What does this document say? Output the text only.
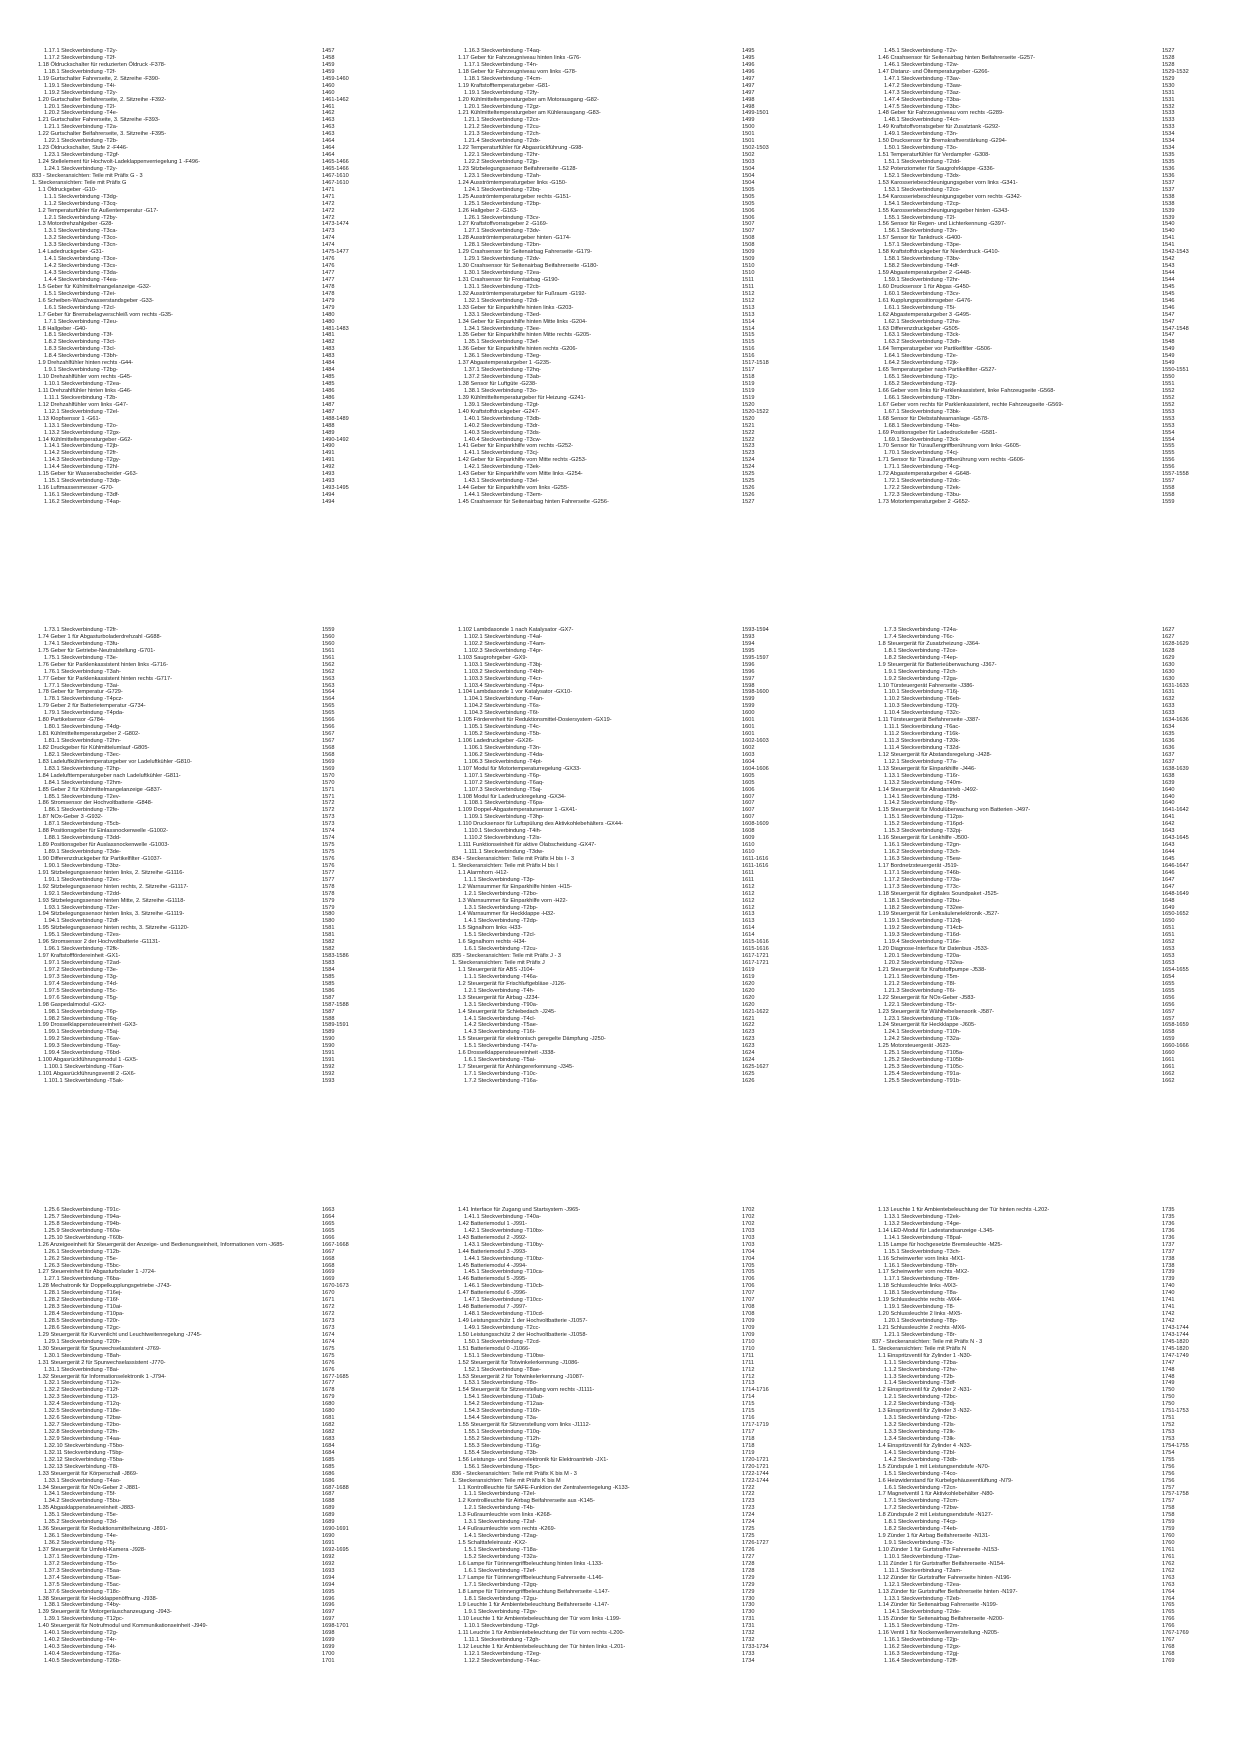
1.17.1 Steckverbindung -T2y-	1457
1.17.2 Steckverbindung -T2f-	1458
1.18 Öldruckschalter für reduzierten Öldruck -F378-	1459
1.18.1 Steckverbindung -T2f-	1459
1.19 Gurtschalter Fahrerseite, 2. Sitzreihe -F390-	1459-1460
1.19.1 Steckverbindung -T4i-	1460
1.19.2 Steckverbindung -T2y-	1460
1.20 Gurtschalter Beifahrerseite, 2. Sitzreihe -F392-	1461-1462
1.20.1 Steckverbindung -T2l-	1461
1.20.2 Steckverbindung -T4e-	1462
1.21 Gurtschalter Fahrerseite, 3. Sitzreihe -F393-	1463
1.21.1 Steckverbindung -T2a-	1463
1.22 Gurtschalter Beifahrerseite, 3. Sitzreihe -F395-	1463
1.22.1 Steckverbindung -T2b-	1464
1.23 Öldruckschalter, Stufe 2 -F446-	1464
1.23.1 Steckverbindung -T2gf-	1464
1.24 Stellelement für Hochvolt-Ladeklappenverriegelung 1 -F496-	1465-1466
1.24.1 Steckverbindung -T2y-	1465-1466
833 - Steckeransichten: Teile mit Präfix G - 3	1467-1610
1. Steckeransichten: Teile mit Präfix G	1467-1610
1.1 Öldruckgeber -G10-	1471
1.1.1 Steckverbindung -T3dg-	1471
1.1.2 Steckverbindung -T3cq-	1472
1.2 Temperaturfühler für Außentemperatur -G17-	1472
1.2.1 Steckverbindung -T2by-	1472
1.3 Motordrehzahlgeber -G28-	1473-1474
1.3.1 Steckverbindung -T3ca-	1473
1.3.2 Steckverbindung -T3co-	1474
1.3.3 Steckverbindung -T3cn-	1474
1.4 Ladedruckgeber -G31-	1475-1477
1.4.1 Steckverbindung -T3ce-	1476
1.4.2 Steckverbindung -T3cs-	1476
1.4.3 Steckverbindung -T3da-	1477
1.4.4 Steckverbindung -T4ea-	1477
1.5 Geber für Kühlmittelmangelanzeige -G32-	1478
1.5.1 Steckverbindung -T2ei-	1478
1.6 Scheiben-Waschwasserstandsgeber -G33-	1479
1.6.1 Steckverbindung -T2cl-	1479
1.7 Geber für Bremsbelagverschleiß vorn rechts -G35-	1480
1.7.1 Steckverbindung -T2eu-	1480
1.8 Hallgeber -G40-	1481-1483
1.8.1 Steckverbindung -T3f-	1481
1.8.2 Steckverbindung -T3ct-	1482
1.8.3 Steckverbindung -T3cl-	1483
1.8.4 Steckverbindung -T3bh-	1483
1.9 Drehzahlfühler hinten rechts -G44-	1484
1.9.1 Steckverbindung -T2bg-	1484
1.10 Drehzahlfühler vorn rechts -G45-	1485
1.10.1 Steckverbindung -T2ea-	1485
1.11 Drehzahlfühler hinten links -G46-	1486
1.11.1 Steckverbindung -T2b-	1486
1.12 Drehzahlfühler vorn links -G47-	1487
1.12.1 Steckverbindung -T2el-	1487
1.13 Klopfsensor 1 -G61-	1488-1489
1.13.1 Steckverbindung -T2o-	1488
1.13.2 Steckverbindung -T2gx-	1489
1.14 Kühlmitteltemperaturgeber -G62-	1490-1492
1.14.1 Steckverbindung -T2jb-	1490
1.14.2 Steckverbindung -T2fr-	1491
1.14.3 Steckverbindung -T2gy-	1491
1.14.4 Steckverbindung -T2hl-	1492
1.15 Geber für Wasserabscheider -G63-	1493
1.15.1 Steckverbindung -T3dp-	1493
1.16 Luftmassenmesser -G70-	1493-1495
1.16.1 Steckverbindung -T3df-	1494
1.16.2 Steckverbindung -T4ap-	1494
1.16.3 Steckverbindung -T4aq-	1495
1.17 Geber für Fahrzeugniveau hinten links -G76-	1495
1.17.1 Steckverbindung -T4n-	1496
1.18 Geber für Fahrzeugniveau vorn links -G78-	1496
1.18.1 Steckverbindung -T4cm-	1497
1.19 Kraftstofftemperaturgeber -G81-	1497
1.19.1 Steckverbindung -T2fy-	1497
1.20 Kühlmitteltemperaturgeber am Motorausgang -G82-	1498
1.20.1 Steckverbindung -T2gz-	1498
1.21 Kühlmitteltemperaturgeber am Kühlerausgang -G83-	1499-1501
1.21.1 Steckverbindung -T2cx-	1499
1.21.2 Steckverbindung -T2cu-	1500
1.21.3 Steckverbindung -T2ch-	1501
1.21.4 Steckverbindung -T2dx-	1501
1.22 Temperaturfühler für Abgasrückführung -G98-	1502-1503
1.22.1 Steckverbindung -T2hr-	1502
1.22.2 Steckverbindung -T2jp-	1503
1.23 Sitzbelegungssensor Beifahrerseite -G128-	1504
1.23.1 Steckverbindung -T2ah-	1504
1.24 Ausströmtemperaturgeber links -G150-	1504
1.24.1 Steckverbindung -T2bq-	1505
1.25 Ausströmtemperaturgeber rechts -G151-	1505
1.25.1 Steckverbindung -T2bp-	1505
1.26 Hallgeber 2 -G163-	1506
1.26.1 Steckverbindung -T3cv-	1506
1.27 Kraftstoffvorratsgeber 2 -G169-	1507
1.27.1 Steckverbindung -T3dv-	1507
1.28 Ausströmtemperaturgeber hinten -G174-	1508
1.28.1 Steckverbindung -T2bn-	1508
1.29 Crashsensor für Seitenairbag Fahrerseite -G179-	1509
1.29.1 Steckverbindung -T2dv-	1509
1.30 Crashsensor für Seitenairbag Beifahrerseite -G180-	1510
1.30.1 Steckverbindung -T2ea-	1510
1.31 Crashsensor für Frontairbag -G190-	1511
1.31.1 Steckverbindung -T2cb-	1511
1.32 Ausströmtemperaturgeber für Fußraum -G192-	1512
1.32.1 Steckverbindung -T2di-	1512
1.33 Geber für Einparkhilfe hinten links -G203-	1513
1.33.1 Steckverbindung -T3ed-	1513
1.34 Geber für Einparkhilfe hinten Mitte links -G204-	1514
1.34.1 Steckverbindung -T3ee-	1514
1.35 Geber für Einparkhilfe hinten Mitte rechts -G205-	1515
1.35.1 Steckverbindung -T3ef-	1515
1.36 Geber für Einparkhilfe hinten rechts -G206-	1516
1.36.1 Steckverbindung -T3eg-	1516
1.37 Abgastemperaturgeber 1 -G235-	1517-1518
1.37.1 Steckverbindung -T2hq-	1517
1.37.2 Steckverbindung -T3ab-	1518
1.38 Sensor für Luftgüte -G238-	1519
1.38.1 Steckverbindung -T3o-	1519
1.39 Kühlmitteltemperaturgeber für Heizung -G241-	1519
1.39.1 Steckverbindung -T2gt-	1520
1.40 Kraftstoffdruckgeber -G247-	1520-1522
1.40.1 Steckverbindung -T3db-	1520
1.40.2 Steckverbindung -T3dr-	1521
1.40.3 Steckverbindung -T3ds-	1522
1.40.4 Steckverbindung -T3cw-	1522
1.41 Geber für Einparkhilfe vorn rechts -G252-	1523
1.41.1 Steckverbindung -T3cj-	1523
1.42 Geber für Einparkhilfe vorn Mitte rechts -G253-	1524
1.42.1 Steckverbindung -T3ek-	1524
1.43 Geber für Einparkhilfe vorn Mitte links -G254-	1525
1.43.1 Steckverbindung -T3el-	1525
1.44 Geber für Einparkhilfe vorn links -G255-	1526
1.44.1 Steckverbindung -T3em-	1526
1.45 Crashsensor für Seitenairbag hinten Fahrerseite -G256-	1527
1.45.1 Steckverbindung -T2v-	1527
1.46 Crashsensor für Seitenairbag hinten Beifahrerseite -G257-	1528
1.46.1 Steckverbindung -T2w-	1528
1.47 Distanz- und Öltemperaturgeber -G266-	1529-1532
1.47.1 Steckverbindung -T3av-	1529
1.47.2 Steckverbindung -T3aw-	1530
1.47.3 Steckverbindung -T3az-	1531
1.47.4 Steckverbindung -T3ba-	1531
1.47.5 Steckverbindung -T3bc-	1532
1.48 Geber für Fahrzeugniveau vorn rechts -G289-	1533
1.48.1 Steckverbindung -T4cn-	1533
1.49 Kraftstoffvorratsgeber für Zusatztank -G292-	1533
1.49.1 Steckverbindung -T3n-	1534
1.50 Drucksensor für Bremskraftverstärkung -G294-	1534
1.50.1 Steckverbindung -T3o-	1534
1.51 Temperaturfühler für Verdampfer -G308-	1535
1.51.1 Steckverbindung -T2dd-	1535
1.52 Potenziometer für Saugrohrklappe -G336-	1536
1.52.1 Steckverbindung -T3dx-	1536
1.53 Karosseriebeschleunigungsgeber vorn links -G341-	1537
1.53.1 Steckverbindung -T2co-	1537
1.54 Karosseriebeschleunigungsgeber vorn rechts -G342-	1538
1.54.1 Steckverbindung -T2cp-	1538
1.55 Karosseriebeschleunigungsgeber hinten -G343-	1539
1.55.1 Steckverbindung -T2l-	1539
1.56 Sensor für Regen- und Lichterkennung -G397-	1540
1.56.1 Steckverbindung -T3n-	1540
1.57 Sensor für Tankdruck -G400-	1541
1.57.1 Steckverbindung -T3pe-	1541
1.58 Kraftstoffdruckgeber für Niederdruck -G410-	1542-1543
1.58.1 Steckverbindung -T3bv-	1542
1.58.2 Steckverbindung -T4df-	1543
1.59 Abgastemperaturgeber 2 -G448-	1544
1.59.1 Steckverbindung -T2hr-	1544
1.60 Drucksensor 1 für Abgas -G450-	1545
1.60.1 Steckverbindung -T3cv-	1545
1.61 Kupplungspositionsgeber -G476-	1546
1.61.1 Steckverbindung -T5i-	1546
1.62 Abgastemperaturgeber 3 -G495-	1547
1.62.1 Steckverbindung -T2hs-	1547
1.63 Differenzdruckgeber -G505-	1547-1548
1.63.1 Steckverbindung -T3ck-	1547
1.63.2 Steckverbindung -T3dh-	1548
1.64 Temperaturgeber vor Partikelfilter -G506-	1549
1.64.1 Steckverbindung -T2e-	1549
1.64.2 Steckverbindung -T2jk-	1549
1.65 Temperaturgeber nach Partikelfilter -G527-	1550-1551
1.65.1 Steckverbindung -T2jc-	1550
1.65.2 Steckverbindung -T2jl-	1551
1.66 Geber vorn links für Parklenkassistent, linke Fahrzeugseite -G568-	1552
1.66.1 Steckverbindung -T3bn-	1552
1.67 Geber vorn rechts für Parklenkassistent, rechte Fahrzeugseite -G569-	1552
1.67.1 Steckverbindung -T3bk-	1553
1.68 Sensor für Diebstahlwarnanlage -G578-	1553
1.68.1 Steckverbindung -T4bs-	1553
1.69 Positionsgeber für Ladedrucksteller -G581-	1554
1.69.1 Steckverbindung -T3ck-	1554
1.70 Sensor für Türaußengriffberührung vorn links -G605-	1555
1.70.1 Steckverbindung -T4cj-	1555
1.71 Sensor für Türaußengriffberührung vorn rechts -G606-	1556
1.71.1 Steckverbindung -T4cg-	1556
1.72 Abgastemperaturgeber 4 -G648-	1557-1558
1.72.1 Steckverbindung -T2dc-	1557
1.72.2 Steckverbindung -T2ek-	1558
1.72.3 Steckverbindung -T3bu-	1558
1.73 Motortemperaturgeber 2 -G652-	1559
1.73.1 Steckverbindung -T2fr-	1559
1.74 Geber 1 für Abgasturboladerdrehzahl -G688-	1560
1.74.1 Steckverbindung -T3fu-	1560
1.75 Geber für Getriebe-Neutralstellung -G701-	1561
1.75.1 Steckverbindung -T3e-	1561
1.76 Geber für Parklenkassistent hinten links -G716-	1562
1.76.1 Steckverbindung -T3ah-	1562
1.77 Geber für Parklenkassistent hinten rechts -G717-	1563
1.77.1 Steckverbindung -T3ai-	1563
1.78 Geber für Temperatur -G729-	1564
1.78.1 Steckverbindung -T4pcz-	1564
1.79 Geber 2 für Batterietemperatur -G734-	1565
1.79.1 Steckverbindung -T4pda-	1565
1.80 Partikelsensor -G784-	1566
1.80.1 Steckverbindung -T4dg-	1566
1.81 Kühlmitteltemperaturgeber 2 -G802-	1567
1.81.1 Steckverbindung -T2hn-	1567
1.82 Druckgeber für Kühlmittelumlauf -G805-	1568
1.82.1 Steckverbindung -T3ec-	1568
1.83 Ladeluftkühlertemperaturgeber vor Ladeluftkühler -G810-	1569
1.83.1 Steckverbindung -T2hp-	1569
1.84 Ladelufttemperaturgeber nach Ladeluftkühler -G811-	1570
1.84.1 Steckverbindung -T2hm-	1570
1.85 Geber 2 für Kühlmittelmangelanzeige -G837-	1571
1.85.1 Steckverbindung -T2ev-	1571
1.86 Stromsensor der Hochvoltbatterie -G848-	1572
1.86.1 Steckverbindung -T2fe-	1572
1.87 NOx-Geber 3 -G932-	1573
1.87.1 Steckverbindung -T5cb-	1573
1.88 Positionsgeber für Einlassnockenwelle -G1002-	1574
1.88.1 Steckverbindung -T3dd-	1574
1.89 Positionsgeber für Auslassnockenwelle -G1003-	1575
1.89.1 Steckverbindung -T3de-	1575
1.90 Differenzdruckgeber für Partikelfilter -G1037-	1576
1.90.1 Steckverbindung -T3bz-	1576
1.91 Sitzbelegungssensor hinten links, 2. Sitzreihe -G1116-	1577
1.91.1 Steckverbindung -T2ec-	1577
1.92 Sitzbelegungssensor hinten rechts, 2. Sitzreihe -G1117-	1578
1.92.1 Steckverbindung -T2dd-	1578
1.93 Sitzbelegungssensor hinten Mitte, 2. Sitzreihe -G1118-	1579
1.93.1 Steckverbindung -T2er-	1579
1.94 Sitzbelegungssensor hinten links, 3. Sitzreihe -G1119-	1580
1.94.1 Steckverbindung -T2df-	1580
1.95 Sitzbelegungssensor hinten rechts, 3. Sitzreihe -G1120-	1581
1.95.1 Steckverbindung -T2es-	1581
1.96 Stromsensor 2 der Hochvoltbatterie -G1131-	1582
1.96.1 Steckverbindung -T2fk-	1582
1.97 Kraftstofffördereinheit -GX1-	1583-1586
1.97.1 Steckverbindung -T2ad-	1583
1.97.2 Steckverbindung -T3e-	1584
1.97.3 Steckverbindung -T3g-	1585
1.97.4 Steckverbindung -T4d-	1585
1.97.5 Steckverbindung -T5c-	1586
1.97.6 Steckverbindung -T5g-	1587
1.98 Gaspedalmodul -GX2-	1587-1588
1.98.1 Steckverbindung -T6p-	1587
1.98.2 Steckverbindung -T6q-	1588
1.99 Drosselklappensteuereinheit -GX3-	1589-1591
1.99.1 Steckverbindung -T5aj-	1589
1.99.2 Steckverbindung -T6av-	1590
1.99.3 Steckverbindung -T6ay-	1590
1.99.4 Steckverbindung -T6bd-	1591
1.100 Abgasrückführungsmodul 1 -GX5-	1591
1.100.1 Steckverbindung -T6an-	1592
1.101 Abgasrückführungsventil 2 -GX6-	1592
1.101.1 Steckverbindung -T5ak-	1593
1.102 Lambdasonde 1 nach Katalysator -GX7-	1593-1594
1.102.1 Steckverbindung -T4al-	1593
1.102.2 Steckverbindung -T4am-	1594
1.102.3 Steckverbindung -T4pr-	1595
1.103 Saugrohrgeber -GX9-	1595-1597
1.103.1 Steckverbindung -T3bj-	1596
1.103.2 Steckverbindung -T4bh-	1596
1.103.3 Steckverbindung -T4cr-	1597
1.103.4 Steckverbindung -T4pu-	1598
1.104 Lambdasonde 1 vor Katalysator -GX10-	1598-1600
1.104.1 Steckverbindung -T4an-	1599
1.104.2 Steckverbindung -T6s-	1599
1.104.3 Steckverbindung -T6t-	1600
1.105 Förderenheit für Reduktionsmittel-Dosiersystem -GX19-	1601
1.105.1 Steckverbindung -T4c-	1601
1.105.2 Steckverbindung -T5b-	1601
1.106 Ladedruckgeber -GX26-	1602-1603
1.106.1 Steckverbindung -T3n-	1602
1.106.2 Steckverbindung -T4da-	1603
1.106.3 Steckverbindung -T4pt-	1604
1.107 Modul für Motortemperaturregelung -GX33-	1604-1606
1.107.1 Steckverbindung -T6p-	1605
1.107.2 Steckverbindung -T6aq-	1605
1.107.3 Steckverbindung -T5aj-	1606
1.108 Modul für Ladedruckregelung -GX34-	1607
1.108.1 Steckverbindung -T6pa-	1607
1.109 Doppel-Abgastemperatursensor 1 -GX41-	1607
1.109.1 Steckverbindung -T3hp-	1607
1.110 Drucksensor für Luftspülung des Aktivkohlebehälters -GX44-	1608-1609
1.110.1 Steckverbindung -T4ih-	1608
1.110.2 Steckverbindung -T2ls-	1609
1.111 Funktionseinheit für aktive Ölabscheidung -GX47-	1610
1.111.1 Steckverbindung -T3dw-	1610
834 - Steckeransichten: Teile mit Präfix H bis I - 3	1611-1616
1. Steckeransichten: Teile mit Präfix H bis I	1611-1616
1.1 Alarmhorn -H12-	1611
1.1.1 Steckverbindung -T3p-	1611
1.2 Warnsummer für Einparkhilfe hinten -H15-	1612
1.2.1 Steckverbindung -T2bo-	1612
1.3 Warnsummer für Einparkhilfe vorn -H22-	1612
1.3.1 Steckverbindung -T2bp-	1612
1.4 Warnsummer für Heckklappe -H32-	1613
1.4.1 Steckverbindung -T2dp-	1613
1.5 Signalhorn links -H33-	1614
1.5.1 Steckverbindung -T2cl-	1614
1.6 Signalhorn rechts -H34-	1615-1616
1.6.1 Steckverbindung -T2cu-	1615-1616
835 - Steckeransichten: Teile mit Präfix J - 3	1617-1721
1. Steckeransichten: Teile mit Präfix J	1617-1721
1.1 Steuergerät für ABS -J104-	1619
1.1.1 Steckverbindung -T46a-	1619
1.2 Steuergerät für Frischluftgebläse -J126-	1620
1.2.1 Steckverbindung -T4h-	1620
1.3 Steuergerät für Airbag -J234-	1620
1.3.1 Steckverbindung -T90a-	1620
1.4 Steuergerät für Schiebedach -J245-	1621-1622
1.4.1 Steckverbindung -T4cl-	1621
1.4.2 Steckverbindung -T5ae-	1622
1.4.3 Steckverbindung -T16i-	1623
1.5 Steuergerät für elektronisch geregelte Dämpfung -J250-	1623
1.5.1 Steckverbindung -T47a-	1623
1.6 Drosselklappensteuereinheit -J338-	1624
1.6.1 Steckverbindung -T5ai-	1624
1.7 Steuergerät für Anhängererkennung -J345-	1625-1627
1.7.1 Steckverbindung -T10c-	1625
1.7.2 Steckverbindung -T16a-	1626
1.7.3 Steckverbindung -T24a-	1627
1.7.4 Steckverbindung -T6c-	1627
1.8 Steuergerät für Zusatzheizung -J364-	1628-1629
1.8.1 Steckverbindung -T2ce-	1628
1.8.2 Steckverbindung -T4ep-	1629
1.9 Steuergerät für Batterieüberwachung -J367-	1630
1.9.1 Steckverbindung -T2ch-	1630
1.9.2 Steckverbindung -T2ga-	1630
1.10 Türsteuergerät Fahrerseite -J386-	1631-1633
1.10.1 Steckverbindung -T16j-	1631
1.10.2 Steckverbindung -T6eb-	1632
1.10.3 Steckverbindung -T20j-	1633
1.10.4 Steckverbindung -T32c-	1633
1.11 Türsteuergerät Beifahrerseite -J387-	1634-1636
1.11.1 Steckverbindung -T6ac-	1634
1.11.2 Steckverbindung -T16k-	1635
1.11.3 Steckverbindung -T20k-	1636
1.11.4 Steckverbindung -T32d-	1636
1.12 Steuergerät für Abstandsregelung -J428-	1637
1.12.1 Steckverbindung -T7a-	1637
1.13 Steuergerät für Einparkhilfe -J446-	1638-1639
1.13.1 Steckverbindung -T16r-	1638
1.13.2 Steckverbindung -T40m-	1639
1.14 Steuergerät für Allradantrieb -J492-	1640
1.14.1 Steckverbindung -T2fd-	1640
1.14.2 Steckverbindung -T8y-	1640
1.15 Steuergerät für Modulüberwachung von Batterien -J497-	1641-1642
1.15.1 Steckverbindung -T12ps-	1641
1.15.2 Steckverbindung -T16pd-	1642
1.15.3 Steckverbindung -T32pj-	1643
1.16 Steuergerät für Lenkhilfe -J500-	1643-1645
1.16.1 Steckverbindung -T2gn-	1643
1.16.2 Steckverbindung -T3ch-	1644
1.16.3 Steckverbindung -T5ew-	1645
1.17 Bordnetzsteuergerät -J519-	1646-1647
1.17.1 Steckverbindung -T46b-	1646
1.17.2 Steckverbindung -T73a-	1647
1.17.3 Steckverbindung -T73c-	1647
1.18 Steuergerät für digitales Soundpaket -J525-	1648-1649
1.18.1 Steckverbindung -T2bu-	1648
1.18.2 Steckverbindung -T32ee-	1649
1.19 Steuergerät für Lenksäulenelektronik -J527-	1650-1652
1.19.1 Steckverbindung -T12dj-	1650
1.19.2 Steckverbindung -T14cb-	1651
1.19.3 Steckverbindung -T16d-	1651
1.19.4 Steckverbindung -T16e-	1652
1.20 Diagnose-Interface für Datenbus -J533-	1653
1.20.1 Steckverbindung -T20a-	1653
1.20.2 Steckverbindung -T32ea-	1653
1.21 Steuergerät für Kraftstoffpumpe -J538-	1654-1655
1.21.1 Steckverbindung -T5m-	1654
1.21.2 Steckverbindung -T8l-	1655
1.21.3 Steckverbindung -T6i-	1655
1.22 Steuergerät für NOx-Geber -J583-	1656
1.22.1 Steckverbindung -T5r-	1656
1.23 Steuergerät für Wählhebelsensorik -J587-	1657
1.23.1 Steckverbindung -T10k-	1657
1.24 Steuergerät für Heckklappe -J605-	1658-1659
1.24.1 Steckverbindung -T10h-	1658
1.24.2 Steckverbindung -T32a-	1659
1.25 Motorsteuergerät -J623-	1660-1666
1.25.1 Steckverbindung -T105a-	1660
1.25.2 Steckverbindung -T105b-	1661
1.25.3 Steckverbindung -T105c-	1661
1.25.4 Steckverbindung -T91a-	1662
1.25.5 Steckverbindung -T91b-	1662
1.25.6 Steckverbindung -T91c-	1663
1.25.7 Steckverbindung -T94a-	1664
1.25.8 Steckverbindung -T94b-	1665
1.25.9 Steckverbindung -T60a-	1665
1.25.10 Steckverbindung -T60b-	1666
1.26 Anzeigeeinheit für Steuergerät der Anzeige- und Bedienungseinheit, Informationen vorn -J685-	1667-1668
1.26.1 Steckverbindung -T12b-	1667
1.26.2 Steckverbindung -T5e-	1668
1.26.3 Steckverbindung -T5bc-	1668
1.27 Steuereinheit für Abgasturbolader 1 -J724-	1669
1.27.1 Steckverbindung -T6ba-	1669
1.28 Mechatronik für Doppelkupplungsgetriebe -J743-	1670-1673
1.28.1 Steckverbindung -T16ej-	1670
1.28.2 Steckverbindung -T16f-	1671
1.28.3 Steckverbindung -T10ai-	1672
1.28.4 Steckverbindung -T10pa-	1672
1.28.5 Steckverbindung -T20r-	1673
1.28.6 Steckverbindung -T2gc-	1673
1.29 Steuergerät für Kurvenlicht und Leuchtweitenregelung -J745-	1674
1.29.1 Steckverbindung -T20h-	1674
1.30 Steuergerät für Spurwechselassistent -J769-	1675
1.30.1 Steckverbindung -T8ah-	1675
1.31 Steuergerät 2 für Spurwechselassistent -J770-	1676
1.31.1 Steckverbindung -T8ai-	1676
1.32 Steuergerät für Informationselektronik 1 -J794-	1677-1685
1.32.1 Steckverbindung -T12e-	1677
1.32.2 Steckverbindung -T12f-	1678
1.32.3 Steckverbindung -T12l-	1679
1.32.4 Steckverbindung -T12q-	1680
1.32.5 Steckverbindung -T18e-	1680
1.32.6 Steckverbindung -T2bw-	1681
1.32.7 Steckverbindung -T2bo-	1682
1.32.8 Steckverbindung -T2fn-	1682
1.32.9 Steckverbindung -T4aa-	1683
1.32.10 Steckverbindung -T5bo-	1684
1.32.11 Steckverbindung -T5bp-	1684
1.32.12 Steckverbindung -T5ba-	1685
1.32.13 Steckverbindung -T8i-	1685
1.33 Steuergerät für Körperschall -J869-	1686
1.33.1 Steckverbindung -T4ao-	1686
1.34 Steuergerät für NOx-Geber 2 -J881-	1687-1688
1.34.1 Steckverbindung -T5f-	1687
1.34.2 Steckverbindung -T5bu-	1688
1.35 Abgasklappensteuereinheit -J883-	1689
1.35.1 Steckverbindung -T5e-	1689
1.35.2 Steckverbindung -T3d-	1689
1.36 Steuergerät für Reduktionsmittelheizung -J891-	1690-1691
1.36.1 Steckverbindung -T4e-	1690
1.36.2 Steckverbindung -T5j-	1691
1.37 Steuergerät für Umfeld-Kamera -J928-	1692-1695
1.37.1 Steckverbindung -T2m-	1692
1.37.2 Steckverbindung -T5o-	1692
1.37.3 Steckverbindung -T5aa-	1693
1.37.4 Steckverbindung -T5ae-	1694
1.37.5 Steckverbindung -T5ac-	1694
1.37.6 Steckverbindung -T18c-	1695
1.38 Steuergerät für Heckklappenöffnung -J938-	1696
1.38.1 Steckverbindung -T4by-	1696
1.39 Steuergerät für Motorgeräuschanzeugung -J943-	1697
1.39.1 Steckverbindung -T12pc-	1697
1.40 Steuergerät für Notrufmodul und Kommunikationseinheit -J949-	1698-1701
1.40.1 Steckverbindung -T2g-	1698
1.40.2 Steckverbindung -T4r-	1699
1.40.3 Steckverbindung -T4t-	1699
1.40.4 Steckverbindung -T26a-	1700
1.40.5 Steckverbindung -T26b-	1701
1.41 Interface für Zugang und Startsystem -J965-	1702
1.41.1 Steckverbindung -T40a-	1702
1.42 Batteriemodul 1 -J991-	1702
1.42.1 Steckverbindung -T10bx-	1703
1.43 Batteriemodul 2 -J992-	1703
1.43.1 Steckverbindung -T10by-	1703
1.44 Batteriemodul 3 -J993-	1704
1.44.1 Steckverbindung -T10bz-	1704
1.45 Batteriemodul 4 -J994-	1705
1.45.1 Steckverbindung -T10ca-	1705
1.46 Batteriemodul 5 -J995-	1706
1.46.1 Steckverbindung -T10cb-	1706
1.47 Batteriemodul 6 -J996-	1707
1.47.1 Steckverbindung -T10cc-	1707
1.48 Batteriemodul 7 -J997-	1708
1.48.1 Steckverbindung -T10cd-	1708
1.49 Leistungsschütz 1 der Hochvoltbatterie -J1057-	1709
1.49.1 Steckverbindung -T2cc-	1709
1.50 Leistungsschütz 2 der Hochvoltbatterie -J1058-	1709
1.50.1 Steckverbindung -T2cd-	1710
1.51 Batteriemodul 0 -J1066-	1710
1.51.1 Steckverbindung -T10bw-	1711
1.52 Steuergerät für Totwinkelerkennung -J1086-	1711
1.52.1 Steckverbindung -T8ae-	1712
1.53 Steuergerät 2 für Totwinkelerkennung -J1087-	1712
1.53.1 Steckverbindung -T8o-	1713
1.54 Steuergerät für Sitzverstellung vorn rechts -J1111-	1714-1716
1.54.1 Steckverbindung -T10ab-	1714
1.54.2 Steckverbindung -T12aa-	1715
1.54.3 Steckverbindung -T16h-	1715
1.54.4 Steckverbindung -T3a-	1716
1.55 Steuergerät für Sitzverstellung vorn links -J1112-	1717-1719
1.55.1 Steckverbindung -T10q-	1717
1.55.2 Steckverbindung -T12h-	1718
1.55.3 Steckverbindung -T16g-	1718
1.55.4 Steckverbindung -T3b-	1719
1.56 Leistungs- und Steuerelektronik für Elektroantrieb -JX1-	1720-1721
1.56.1 Steckverbindung -T5pc-	1720-1721
836 - Steckeransichten: Teile mit Präfix K bis M - 3	1722-1744
1. Steckeransichten: Teile mit Präfix K bis M	1722-1744
1.1 Kontrollleuchte für SAFE-Funktion der Zentralverriegelung -K133-	1722
1.1.1 Steckverbindung -T2el-	1722
1.2 Kontrollleuchte für Airbag Beifahrerseite aus -K145-	1723
1.2.1 Steckverbindung -T4b-	1723
1.3 Fußraumleuchte vorn links -K268-	1724
1.3.1 Steckverbindung -T2af-	1724
1.4 Fußraumleuchte vorn rechts -K269-	1725
1.4.1 Steckverbindung -T2ag-	1725
1.5 Schalttafeleinsatz -KX2-	1726-1727
1.5.1 Steckverbindung -T18a-	1726
1.5.2 Steckverbindung -T32a-	1727
1.6 Lampe für Türinnengriffbeleuchtung hinten links -L133-	1728
1.6.1 Steckverbindung -T2ef-	1728
1.7 Lampe für Türinnengriffbeleuchtung Fahrerseite -L146-	1729
1.7.1 Steckverbindung -T2gq-	1729
1.8 Lampe für Türinnengriffbeleuchtung Beifahrerseite -L147-	1729
1.8.1 Steckverbindung -T2gu-	1730
1.9 Leuchte 1 für Ambientebeleuchtung Beifahrerseite -L147-	1730
1.9.1 Steckverbindung -T2gv-	1730
1.10 Leuchte 1 für Ambientebeleuchtung der Tür vorn links -L199-	1731
1.10.1 Steckverbindung -T2gt-	1731
1.11 Leuchte 1 für Ambientebeleuchtung der Tür vorn rechts -L200-	1732
1.11.1 Steckverbindung -T2gh-	1732
1.12 Leuchte 1 für Ambientebeleuchtung der Tür hinten links -L201-	1733-1734
1.12.1 Steckverbindung -T2eg-	1733
1.12.2 Steckverbindung -T4ac-	1734
1.13 Leuchte 1 für Ambientebeleuchtung der Tür hinten rechts -L202-	1735
1.13.1 Steckverbindung -T2ek-	1735
1.13.2 Steckverbindung -T4ge-	1736
1.14 LED-Modul für Ladestandsanzeige -L345-	1736
1.14.1 Steckverbindung -T8pal-	1736
1.15 Lampe für hochgesetzte Bremsleuchte -M25-	1737
1.15.1 Steckverbindung -T3ch-	1737
1.16 Scheinwerfer vorn links -MX1-	1738
1.16.1 Steckverbindung -T8h-	1738
1.17 Scheinwerfer vorn rechts -MX2-	1739
1.17.1 Steckverbindung -T8m-	1739
1.18 Schlussleuchte links -MX3-	1740
1.18.1 Steckverbindung -T8a-	1740
1.19 Schlussleuchte rechts -MX4-	1741
1.19.1 Steckverbindung -T8-	1741
1.20 Schlussleuchte 2 links -MX5-	1742
1.20.1 Steckverbindung -T8p-	1742
1.21 Schlussleuchte 2 rechts -MX6-	1743-1744
1.21.1 Steckverbindung -T8r-	1743-1744
837 - Steckeransichten: Teile mit Präfix N - 3	1745-1820
1. Steckeransichten: Teile mit Präfix N	1745-1820
1.1 Einspritzventil für Zylinder 1 -N30-	1747-1749
1.1.1 Steckverbindung -T2ba-	1747
1.1.2 Steckverbindung -T2hv-	1748
1.1.3 Steckverbindung -T2b-	1748
1.1.4 Steckverbindung -T3df-	1749
1.2 Einspritzventil für Zylinder 2 -N31-	1750
1.2.1 Steckverbindung -T2bc-	1750
1.2.2 Steckverbindung -T3dj-	1750
1.3 Einspritzventil für Zylinder 3 -N32-	1751-1753
1.3.1 Steckverbindung -T2bc-	1751
1.3.2 Steckverbindung -T2ls-	1752
1.3.3 Steckverbindung -T2lk-	1753
1.3.4 Steckverbindung -T3lk-	1753
1.4 Einspritzventil für Zylinder 4 -N33-	1754-1755
1.4.1 Steckverbindung -T2bl-	1754
1.4.2 Steckverbindung -T3db-	1755
1.5 Zündspule 1 mit Leistungsendstufe -N70-	1756
1.5.1 Steckverbindung -T4co-	1756
1.6 Heizwiderstand für Kurbelgehäuseentlüftung -N79-	1756
1.6.1 Steckverbindung -T2cn-	1757
1.7 Magnetventil 1 für Aktivkohlebehälter -N80-	1757-1758
1.7.1 Steckverbindung -T2cm-	1757
1.7.2 Steckverbindung -T2bw-	1758
1.8 Zündspule 2 mit Leistungsendstufe -N127-	1758
1.8.1 Steckverbindung -T4cp-	1759
1.8.2 Steckverbindung -T4eb-	1759
1.9 Zünder 1 für Airbag Beifahrerseite -N131-	1760
1.9.1 Steckverbindung -T3c-	1760
1.10 Zünder 1 für Gurtstraffer Fahrerseite -N153-	1761
1.10.1 Steckverbindung -T2ae-	1761
1.11 Zünder 1 für Gurtstraffer Beifahrerseite -N154-	1762
1.11.1 Steckverbindung -T2am-	1762
1.12 Zünder für Gurtstraffer Fahrerseite hinten -N196-	1763
1.12.1 Steckverbindung -T2ea-	1763
1.13 Zünder für Gurtstraffer Beifahrerseite hinten -N197-	1764
1.13.1 Steckverbindung -T2eb-	1764
1.14 Zünder für Seitenairbag Fahrerseite -N199-	1765
1.14.1 Steckverbindung -T2de-	1765
1.15 Zünder für Seitenairbag Beifahrerseite -N200-	1766
1.15.1 Steckverbindung -T2m-	1766
1.16 Ventil 1 für Nockenwellenverstellung -N205-	1767-1769
1.16.1 Steckverbindung -T2jp-	1767
1.16.2 Steckverbindung -T2gx-	1768
1.16.3 Steckverbindung -T2gj-	1768
1.16.4 Steckverbindung -T2ff-	1769
